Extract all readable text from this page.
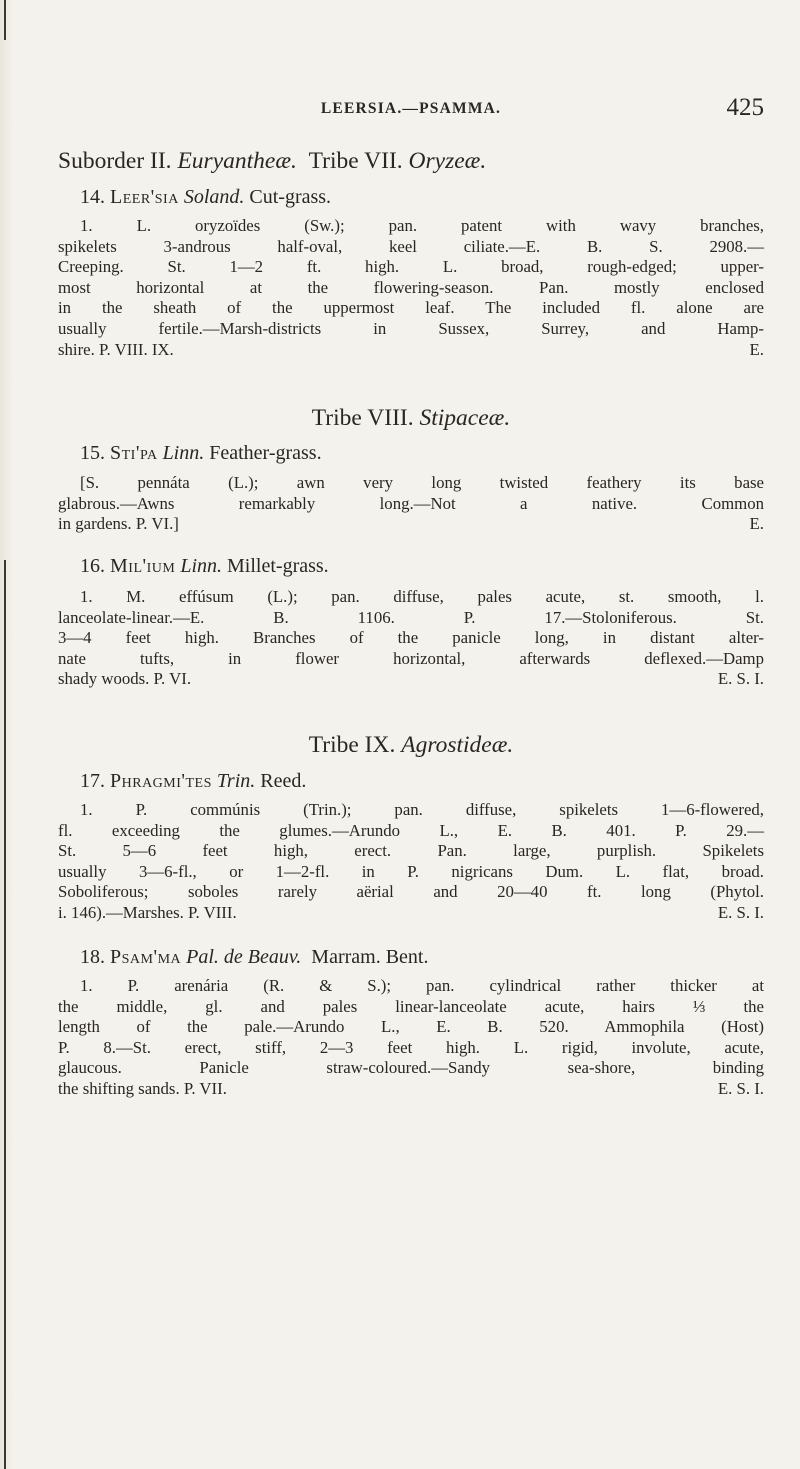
LEERSIA.—PSAMMA.	425

Suborder II. Euryantheæ. Tribe VII. Oryzeæ.

14. Leer'sia Soland. Cut-grass.

1. L. oryzoïdes (Sw.); pan. patent with wavy branches,
spikelets 3-androus half-oval, keel ciliate.—E. B. S. 2908.—
Creeping. St. 1—2 ft. high. L. broad, rough-edged; upper-
most horizontal at the flowering-season. Pan. mostly enclosed
in the sheath of the uppermost leaf. The included fl. alone are
usually fertile.—Marsh-districts in Sussex, Surrey, and Hamp-
shire. P. VIII. IX.	E.

Tribe VIII. Stipaceæ.

15. Sti'pa Linn. Feather-grass.

[S. pennáta (L.); awn very long twisted feathery its base
glabrous.—Awns remarkably long.—Not a native. Common
in gardens. P. VI.]	E.

16. Mil'ium Linn. Millet-grass.

1. M. effúsum (L.); pan. diffuse, pales acute, st. smooth, l.
lanceolate-linear.—E. B. 1106. P. 17.—Stoloniferous. St.
3—4 feet high. Branches of the panicle long, in distant alter-
nate tufts, in flower horizontal, afterwards deflexed.—Damp
shady woods. P. VI.	E. S. I.

Tribe IX. Agrostideæ.

17. Phragmi'tes Trin. Reed.

1. P. commúnis (Trin.); pan. diffuse, spikelets 1—6-flowered,
fl. exceeding the glumes.—Arundo L., E. B. 401. P. 29.—
St. 5—6 feet high, erect. Pan. large, purplish. Spikelets
usually 3—6-fl., or 1—2-fl. in P. nigricans Dum. L. flat, broad.
Soboliferous; soboles rarely aërial and 20—40 ft. long (Phytol.
i. 146).—Marshes. P. VIII.	E. S. I.

18. Psam'ma Pal. de Beauv. Marram. Bent.

1. P. arenária (R. & S.); pan. cylindrical rather thicker at
the middle, gl. and pales linear-lanceolate acute, hairs ⅓ the
length of the pale.—Arundo L., E. B. 520. Ammophila (Host)
P. 8.—St. erect, stiff, 2—3 feet high. L. rigid, involute, acute,
glaucous. Panicle straw-coloured.—Sandy sea-shore, binding
the shifting sands. P. VII.	E. S. I.
